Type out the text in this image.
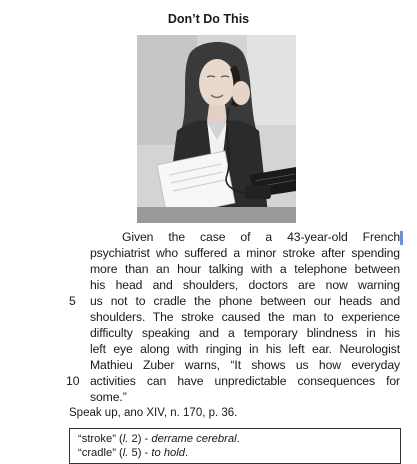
Don’t Do This
Given the case of a 43-year-old French
psychiatrist who suffered a minor stroke after spending
more than an hour talking with a telephone between
his head and shoulders, doctors are now warning
5 us not to cradle the phone between our heads and
shoulders. The stroke caused the man to experience
difficulty speaking and a temporary blindness in his
left eye along with ringing in his left ear. Neurologist
Mathieu Zuber warns, “It shows us how everyday
10 activities can have unpredictable consequences for
some.”
Speak up, ano XIV, n. 170, p. 36.
“stroke” (l. 2) - derrame cerebral.
“cradle” (l. 5) - to hold.
